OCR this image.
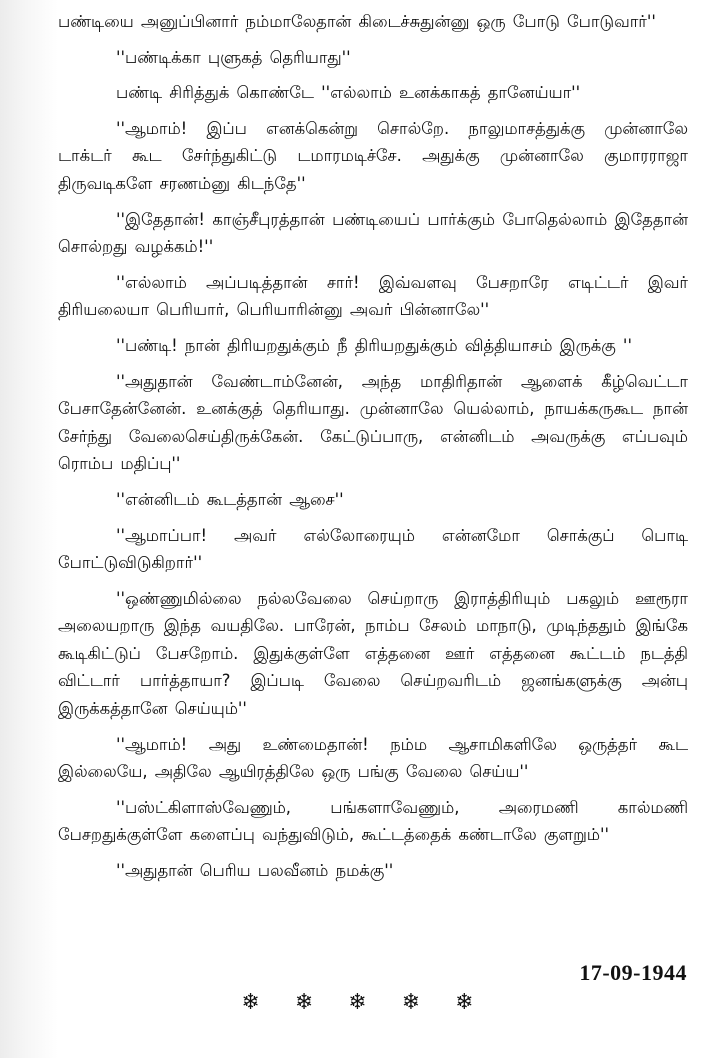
பண்டியை அனுப்பினார் நம்மாலேதான் கிடைச்சுதுன்னு ஒரு போடு போடுவார்''

''பண்டிக்கா புளுகத் தெரியாது''

பண்டி சிரித்துக் கொண்டே ''எல்லாம் உனக்காகத் தானேய்யா''

''ஆமாம்! இப்ப எனக்கென்று சொல்றே. நாலுமாசத்துக்கு முன்னாலே டாக்டர் கூட சேர்ந்துகிட்டு டமாரமடிச்சே. அதுக்கு முன்னாலே குமாரராஜா திருவடிகளே சரணம்னு கிடந்தே''

''இதேதான்! காஞ்சீபுரத்தான் பண்டியைப் பார்க்கும் போதெல்லாம் இதேதான் சொல்றது வழக்கம்!''

''எல்லாம் அப்படித்தான் சார்! இவ்வளவு பேசறாரே எடிட்டர் இவர் திரியலையா பெரியார், பெரியாரின்னு அவர் பின்னாலே''

''பண்டி! நான் திரியறதுக்கும் நீ திரியறதுக்கும் வித்தியாசம் இருக்கு ''

''அதுதான் வேண்டாம்னேன், அந்த மாதிரிதான் ஆளைக் கீழ்வெட்டா பேசாதேன்னேன். உனக்குத் தெரியாது. முன்னாலே யெல்லாம், நாயக்கருகூட நான் சேர்ந்து வேலைசெய்திருக்கேன். கேட்டுப்பாரு, என்னிடம் அவருக்கு எப்பவும் ரொம்ப மதிப்பு''

''என்னிடம் கூடத்தான் ஆசை''

''ஆமாப்பா! அவர் எல்லோரையும் என்னமோ சொக்குப் பொடி போட்டுவிடுகிறார்''

''ஒண்ணுமில்லை நல்லவேலை செய்றாரு இராத்திரியும் பகலும் ஊரூரா அலையறாரு இந்த வயதிலே. பாரேன், நாம்ப சேலம் மாநாடு, முடிந்ததும் இங்கே கூடிகிட்டுப் பேசறோம். இதுக்குள்ளே எத்தனை ஊர் எத்தனை கூட்டம் நடத்தி விட்டார் பார்த்தாயா? இப்படி வேலை செய்றவரிடம் ஜனங்களுக்கு அன்பு இருக்கத்தானே செய்யும்''

''ஆமாம்! அது உண்மைதான்! நம்ம ஆசாமிகளிலே ஒருத்தர் கூட இல்லையே, அதிலே ஆயிரத்திலே ஒரு பங்கு வேலை செய்ய''

''பஸ்ட்கிளாஸ்வேணும், பங்களாவேணும், அரைமணி கால்மணி பேசறதுக்குள்ளே களைப்பு வந்துவிடும், கூட்டத்தைக் கண்டாலே குளறும்''

''அதுதான் பெரிய பலவீனம் நமக்கு''

17-09-1944
❄ ❄ ❄ ❄ ❄
